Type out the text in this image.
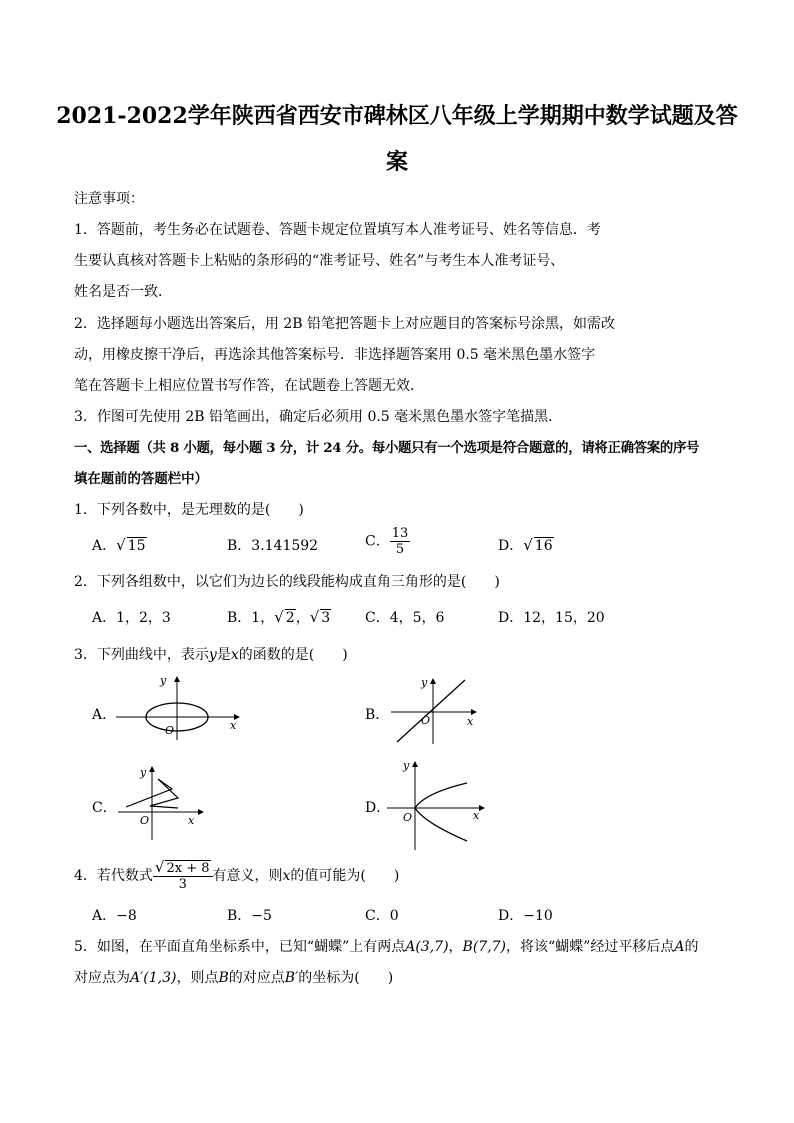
2021-2022学年陕西省西安市碑林区八年级上学期期中数学试题及答
案
注意事项：
1．答题前，考生务必在试题卷、答题卡规定位置填写本人准考证号、姓名等信息．考
生要认真核对答题卡上粘贴的条形码的“准考证号、姓名”与考生本人准考证号、
姓名是否一致．
2．选择题每小题选出答案后，用 2B 铅笔把答题卡上对应题目的答案标号涂黑，如需改
动，用橡皮擦干净后，再选涂其他答案标号．非选择题答案用 0.5 毫米黑色墨水签字
笔在答题卡上相应位置书写作答，在试题卷上答题无效．
3．作图可先使用 2B 铅笔画出，确定后必须用 0.5 毫米黑色墨水签字笔描黑．
一、选择题（共 8 小题，每小题 3 分，计 24 分。每小题只有一个选项是符合题意的，请将正确答案的序号
填在题前的答题栏中）
1．下列各数中，是无理数的是(　　)
A．√ 15	B．3.141592	C． $\frac{13}{5}$	D．√ 16
2．下列各组数中，以它们为边长的线段能构成直角三角形的是(　　)
A．1，2，3	B．1，√ 2，√ 3 C．4，5，6	D．12，15，20
3．下列曲线中，表示y是x的函数的是(　　)
A．
O	x
y
B．	O	x
y
C．
O	x
y
D．
O	x
y
4．若代数式 $\frac{√ 2x + 8}{3}$ 有意义，则x的值可能为(　　)
A．−8	B．−5	C．0	D．−10
5．如图，在平面直角坐标系中，已知“蝴蝶”上有两点A(3,7)，B(7,7)，将该“蝴蝶”经过平移后点A的
对应点为A′(1,3)，则点B的对应点B′的坐标为(　　)
